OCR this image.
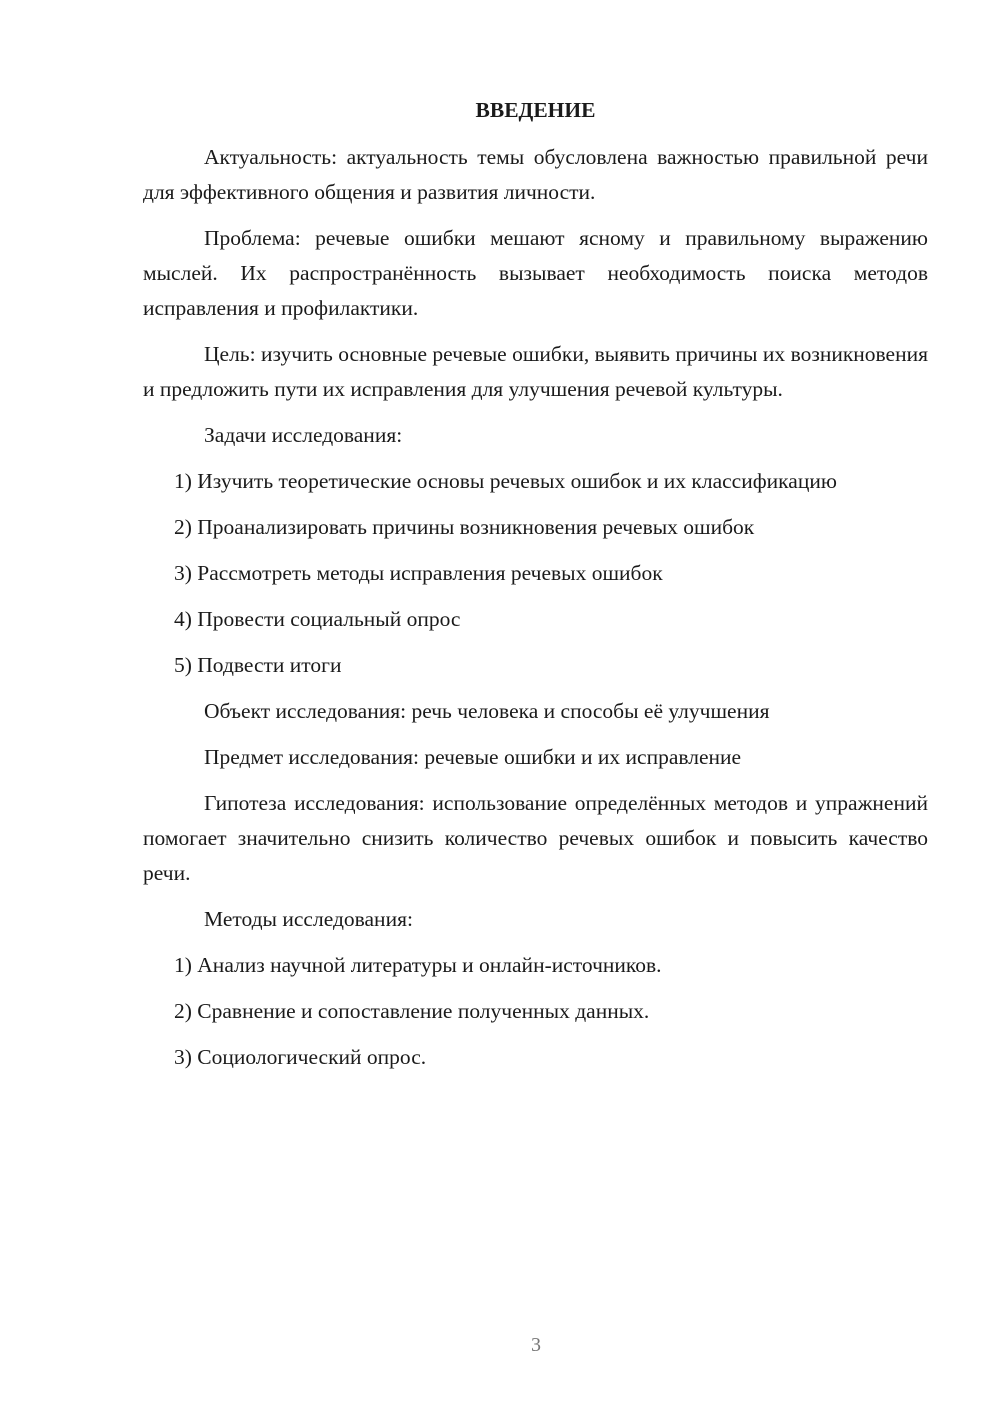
ВВЕДЕНИЕ

Актуальность: актуальность темы обусловлена важностью правильной речи для эффективного общения и развития личности.

Проблема: речевые ошибки мешают ясному и правильному выражению мыслей. Их распространённость вызывает необходимость поиска методов исправления и профилактики.

Цель: изучить основные речевые ошибки, выявить причины их возникновения и предложить пути их исправления для улучшения речевой культуры.

Задачи исследования:

1) Изучить теоретические основы речевых ошибок и их классификацию

2) Проанализировать причины возникновения речевых ошибок

3) Рассмотреть методы исправления речевых ошибок

4) Провести социальный опрос

5) Подвести итоги

Объект исследования: речь человека и способы её улучшения

Предмет исследования: речевые ошибки и их исправление

Гипотеза исследования: использование определённых методов и упражнений помогает значительно снизить количество речевых ошибок и повысить качество речи.

Методы исследования:

1) Анализ научной литературы и онлайн-источников.

2) Сравнение и сопоставление полученных данных.

3) Социологический опрос.

3
